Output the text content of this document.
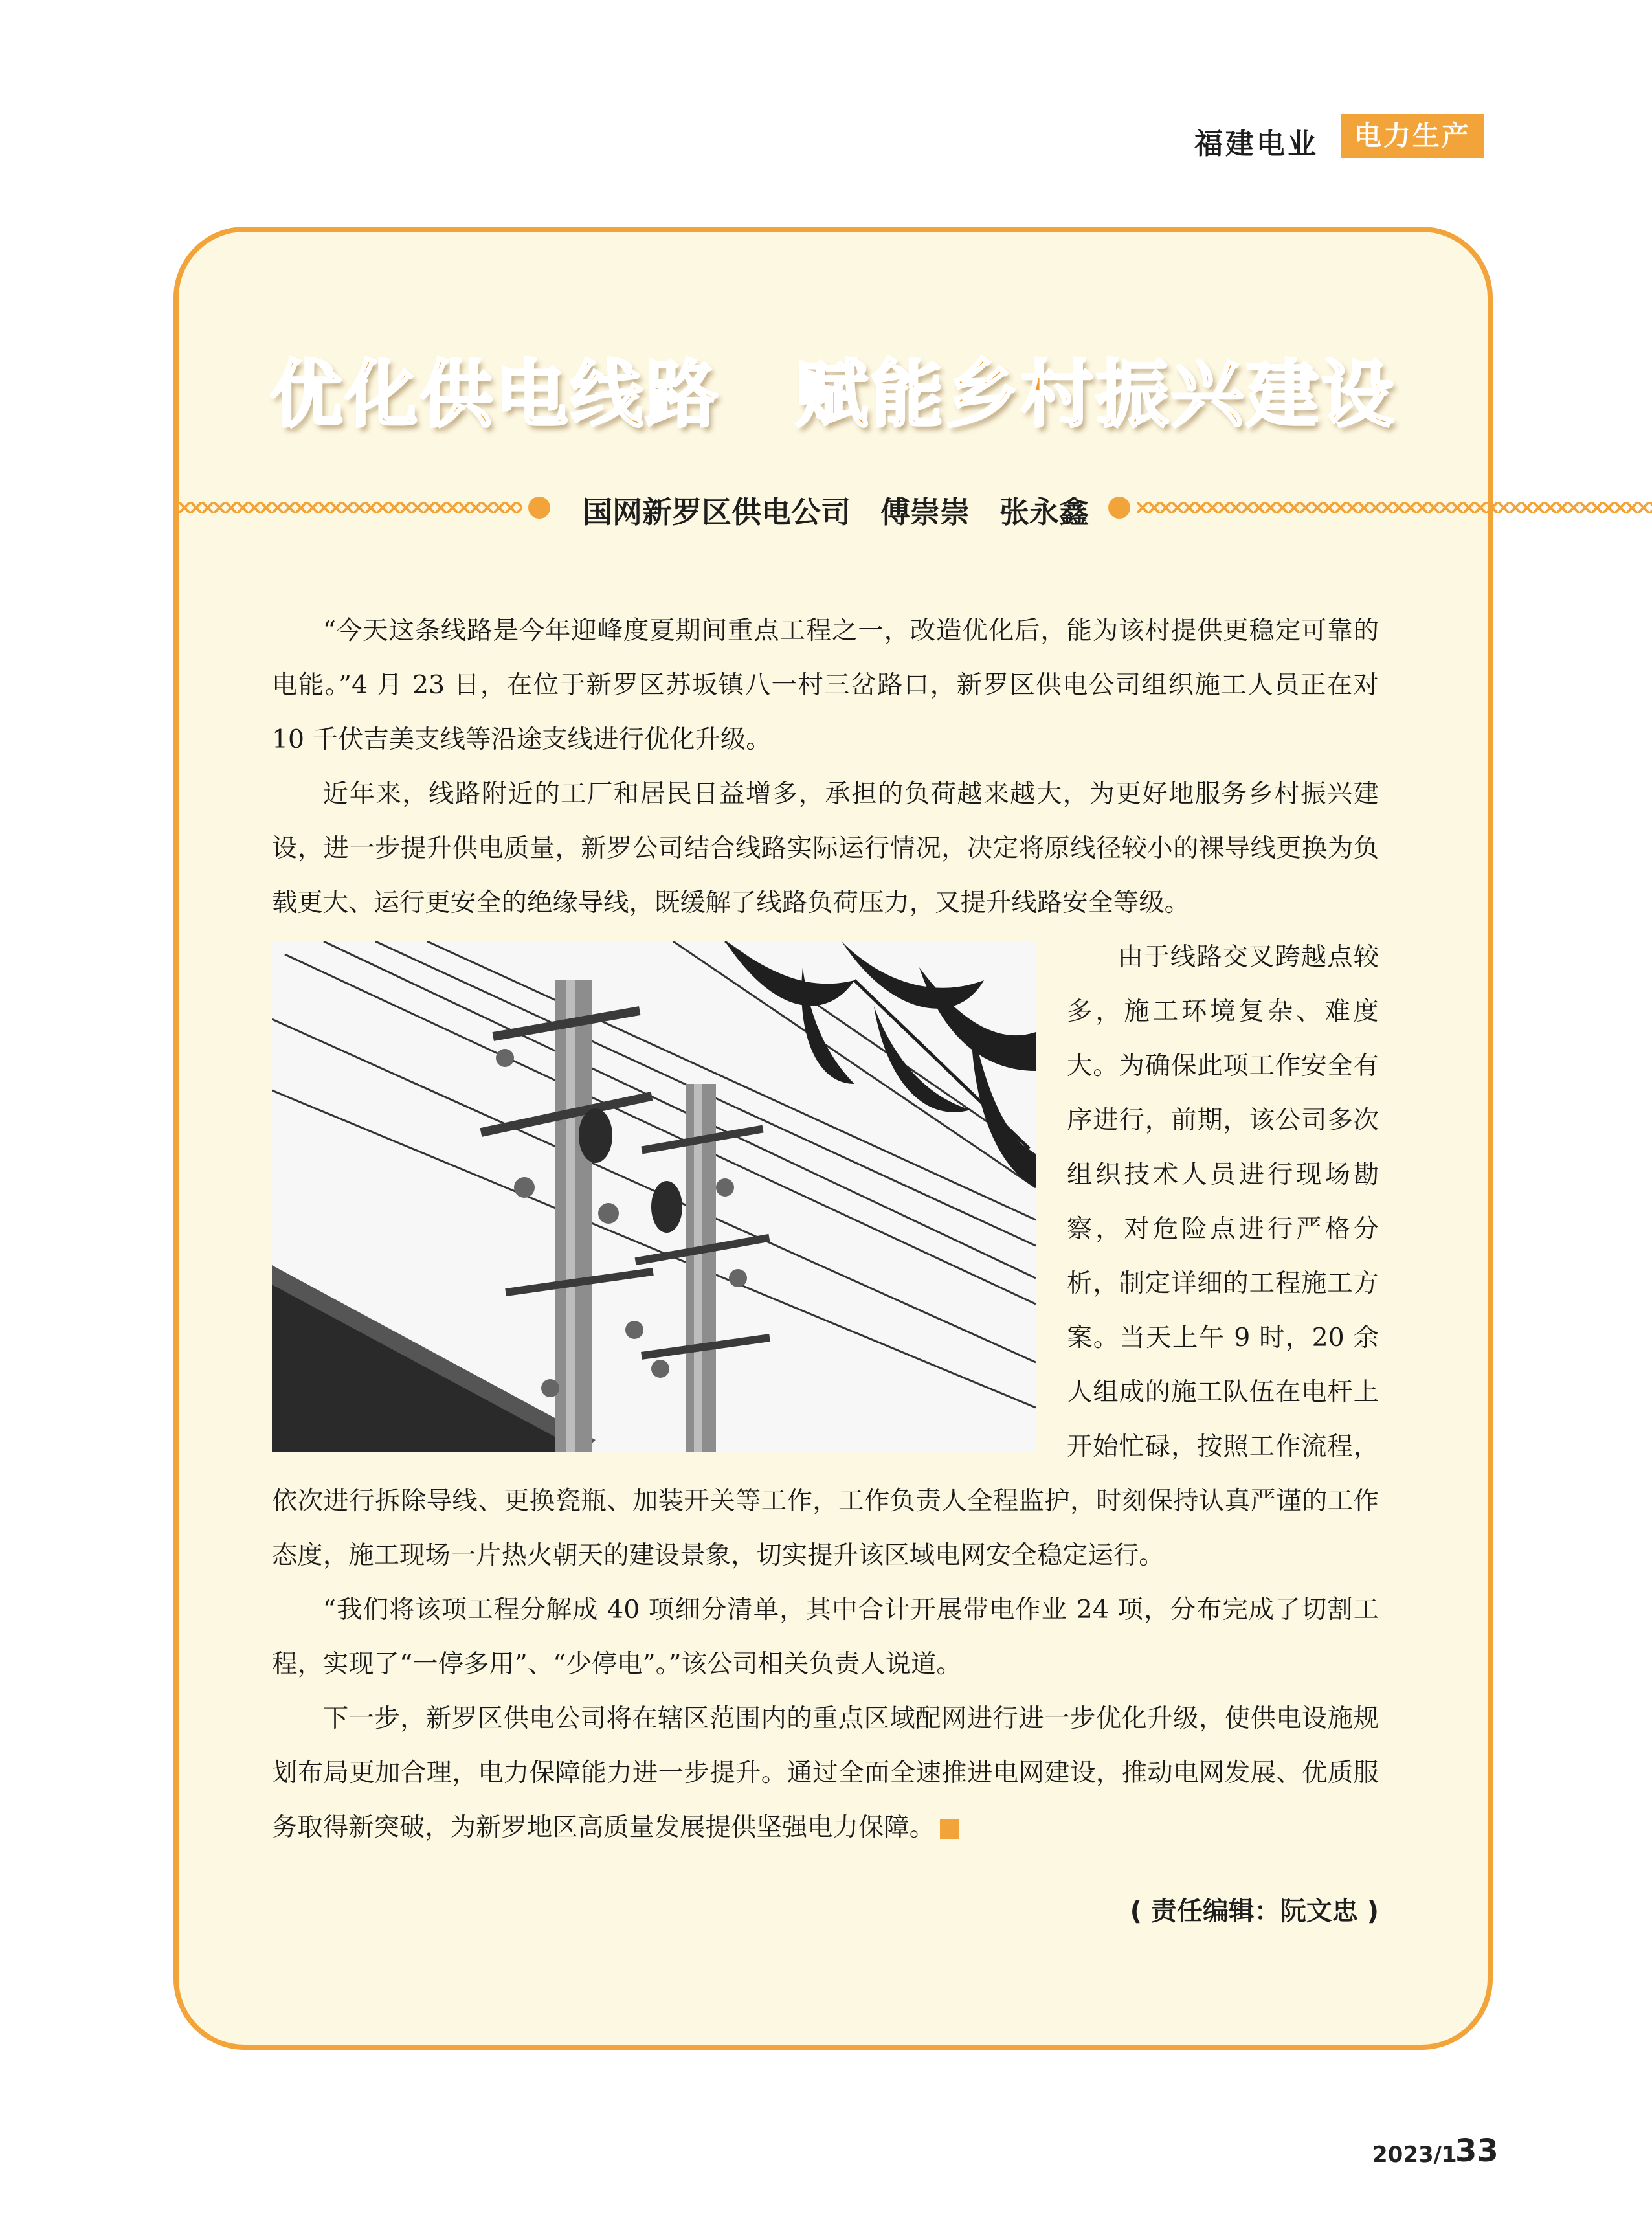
福建电业	电力生产
优化供电线路　赋能乡村振兴建设
国网新罗区供电公司　傅崇崇　张永鑫

“今天这条线路是今年迎峰度夏期间重点工程之一，改造优化后，能为该村提供更稳定可靠的电能。”4 月 23 日，在位于新罗区苏坂镇八一村三岔路口，新罗区供电公司组织施工人员正在对 10 千伏吉美支线等沿途支线进行优化升级。

近年来，线路附近的工厂和居民日益增多，承担的负荷越来越大，为更好地服务乡村振兴建设，进一步提升供电质量，新罗公司结合线路实际运行情况，决定将原线径较小的裸导线更换为负载更大、运行更安全的绝缘导线，既缓解了线路负荷压力，又提升线路安全等级。

由于线路交叉跨越点较多，施工环境复杂、难度大。为确保此项工作安全有序进行，前期，该公司多次组织技术人员进行现场勘察，对危险点进行严格分析，制定详细的工程施工方案。当天上午 9 时，20 余人组成的施工队伍在电杆上开始忙碌，按照工作流程，依次进行拆除导线、更换瓷瓶、加装开关等工作，工作负责人全程监护，时刻保持认真严谨的工作态度，施工现场一片热火朝天的建设景象，切实提升该区域电网安全稳定运行。

“我们将该项工程分解成 40 项细分清单，其中合计开展带电作业 24 项，分布完成了切割工程，实现了“一停多用”、“少停电”。”该公司相关负责人说道。

下一步，新罗区供电公司将在辖区范围内的重点区域配网进行进一步优化升级，使供电设施规划布局更加合理，电力保障能力进一步提升。通过全面全速推进电网建设，推动电网发展、优质服务取得新突破，为新罗地区高质量发展提供坚强电力保障。

( 责任编辑：阮文忠 )
2023/1
33
